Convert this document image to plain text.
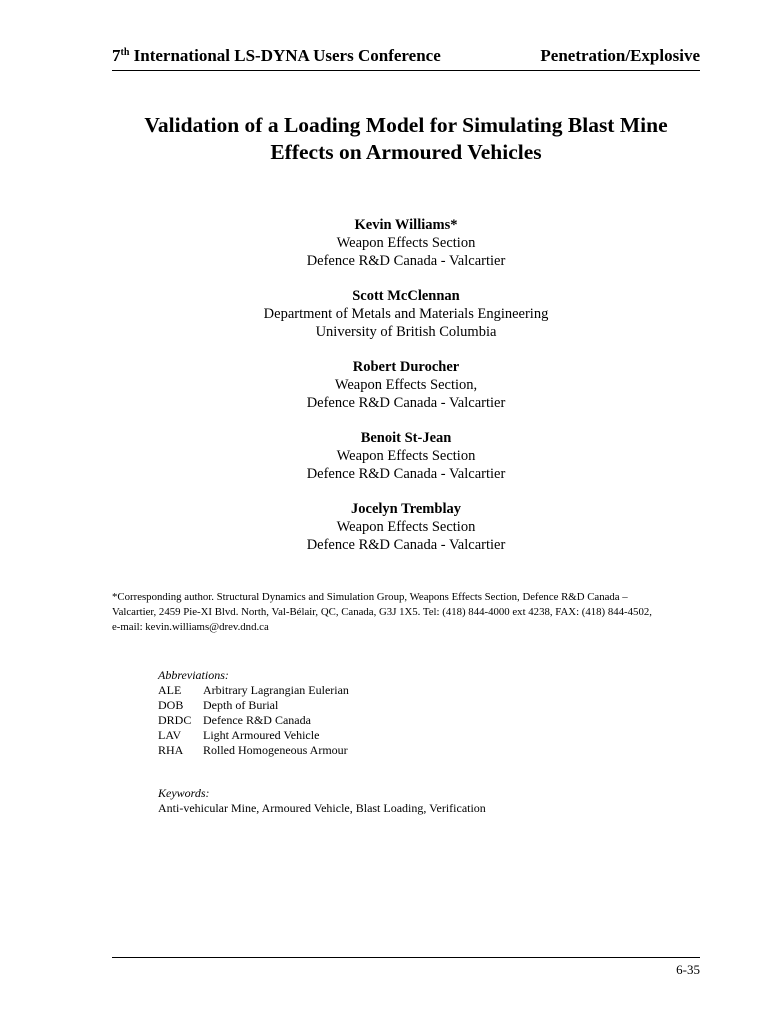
7th International LS-DYNA Users Conference	Penetration/Explosive
Validation of a Loading Model for Simulating Blast Mine
Effects on Armoured Vehicles
Kevin Williams*
Weapon Effects Section
Defence R&D Canada - Valcartier
Scott McClennan
Department of Metals and Materials Engineering
University of British Columbia
Robert Durocher
Weapon Effects Section,
Defence R&D Canada - Valcartier
Benoit St-Jean
Weapon Effects Section
Defence R&D Canada - Valcartier
Jocelyn Tremblay
Weapon Effects Section
Defence R&D Canada - Valcartier
*Corresponding author. Structural Dynamics and Simulation Group, Weapons Effects Section, Defence R&D Canada –
Valcartier, 2459 Pie-XI Blvd. North, Val-Bélair, QC, Canada, G3J 1X5. Tel: (418) 844-4000 ext 4238, FAX: (418) 844-4502,
e-mail: kevin.williams@drev.dnd.ca
Abbreviations:
ALE	Arbitrary Lagrangian Eulerian
DOB	Depth of Burial
DRDC Defence R&D Canada
LAV	Light Armoured Vehicle
RHA	Rolled Homogeneous Armour
Keywords:
Anti-vehicular Mine, Armoured Vehicle, Blast Loading, Verification
6-35
